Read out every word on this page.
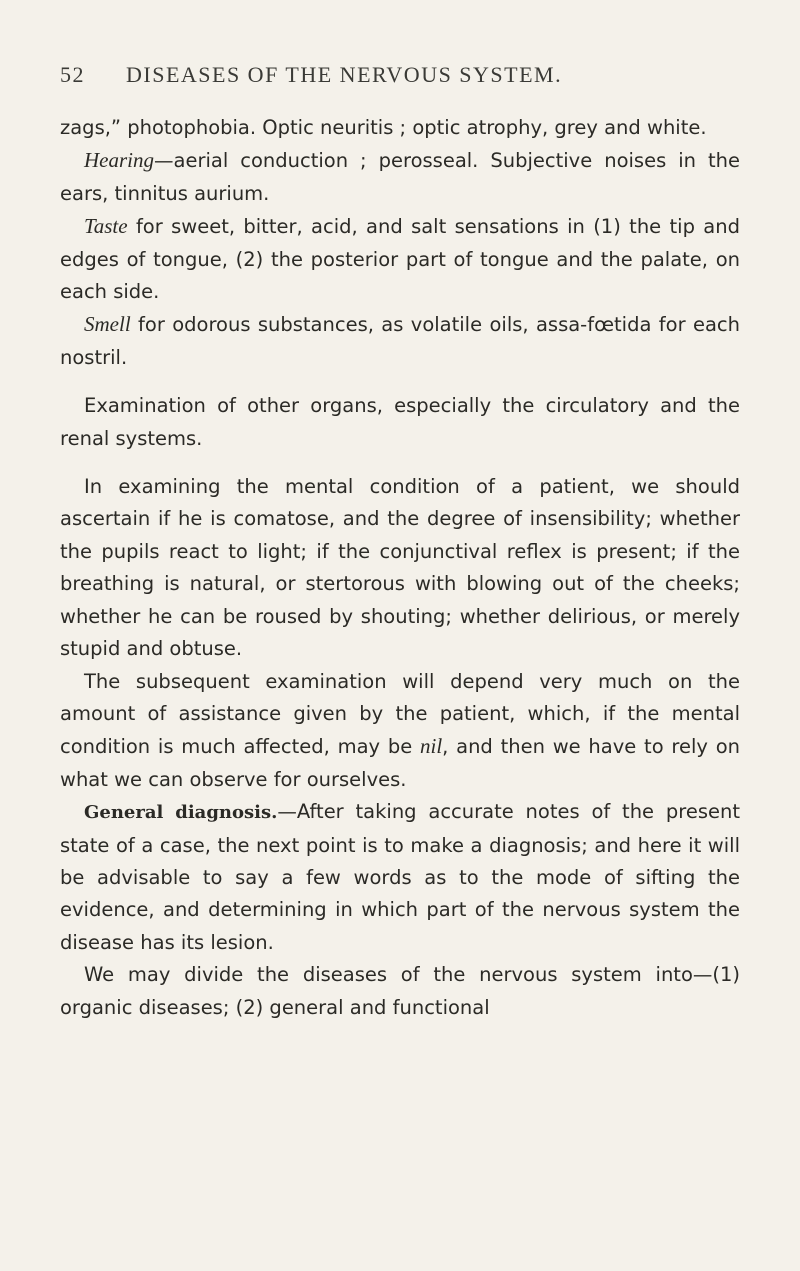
52 DISEASES OF THE NERVOUS SYSTEM.

zags,” photophobia. Optic neuritis ; optic atrophy, grey and white.

Hearing—aerial conduction ; perosseal. Subjective noises in the ears, tinnitus aurium.

Taste for sweet, bitter, acid, and salt sensations in (1) the tip and edges of tongue, (2) the posterior part of tongue and the palate, on each side.

Smell for odorous substances, as volatile oils, assa-fœtida for each nostril.

Examination of other organs, especially the circulatory and the renal systems.

In examining the mental condition of a patient, we should ascertain if he is comatose, and the degree of insensibility; whether the pupils react to light; if the conjunctival reflex is present; if the breathing is natural, or stertorous with blowing out of the cheeks; whether he can be roused by shouting; whether delirious, or merely stupid and obtuse.

The subsequent examination will depend very much on the amount of assistance given by the patient, which, if the mental condition is much affected, may be nil, and then we have to rely on what we can observe for ourselves.

General diagnosis.—After taking accurate notes of the present state of a case, the next point is to make a diagnosis; and here it will be advisable to say a few words as to the mode of sifting the evidence, and determining in which part of the nervous system the disease has its lesion.

We may divide the diseases of the nervous system into—(1) organic diseases; (2) general and functional
